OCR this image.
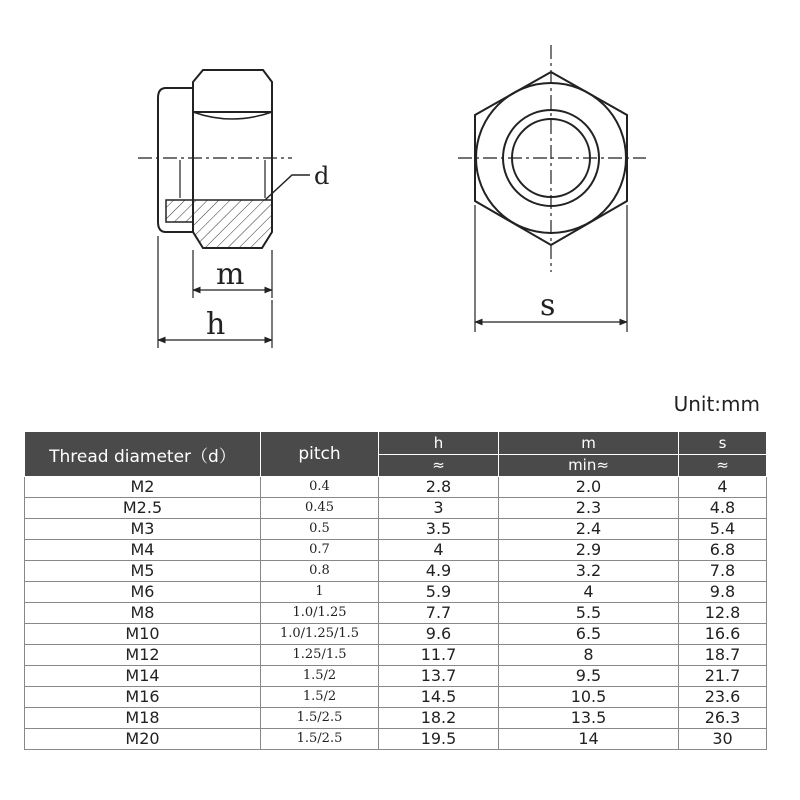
d
m
h
s
Unit:mm
Thread diameter（d）	pitch	h	m	s
		≈	min≈	≈
M2	0.4	2.8	2.0	4
M2.5	0.45	3	2.3	4.8
M3	0.5	3.5	2.4	5.4
M4	0.7	4	2.9	6.8
M5	0.8	4.9	3.2	7.8
M6	1	5.9	4	9.8
M8	1.0/1.25	7.7	5.5	12.8
M10	1.0/1.25/1.5	9.6	6.5	16.6
M12	1.25/1.5	11.7	8	18.7
M14	1.5/2	13.7	9.5	21.7
M16	1.5/2	14.5	10.5	23.6
M18	1.5/2.5	18.2	13.5	26.3
M20	1.5/2.5	19.5	14	30
